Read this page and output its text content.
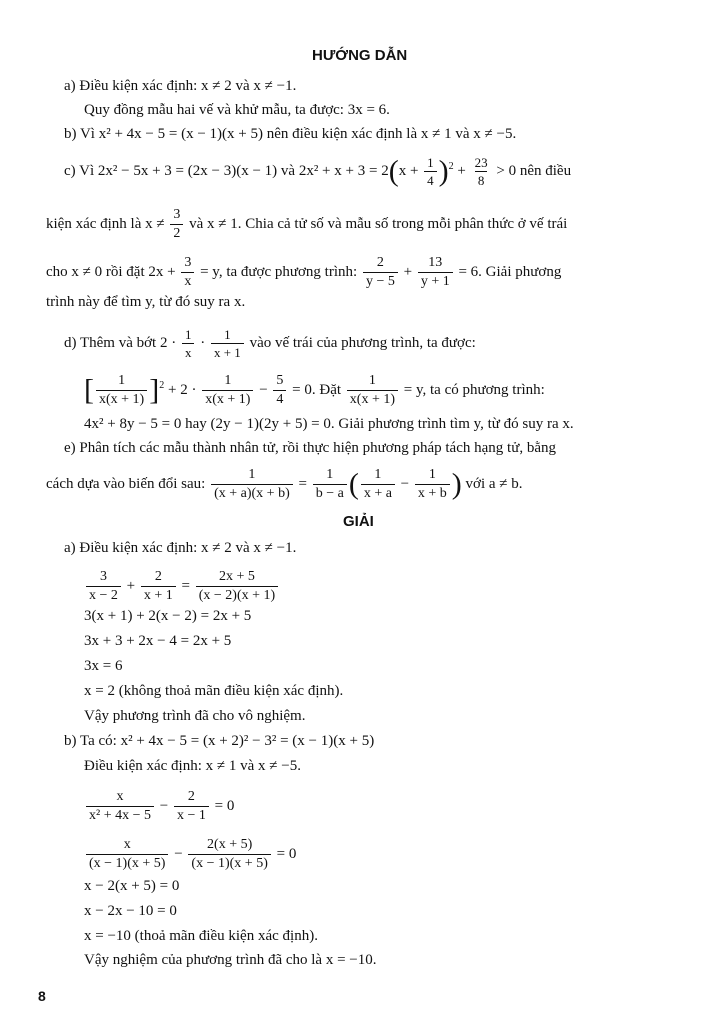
HƯỚNG DẪN
a) Điều kiện xác định: x ≠ 2 và x ≠ −1.
Quy đồng mẫu hai vế và khử mẫu, ta được: 3x = 6.
b) Vì x² + 4x − 5 = (x − 1)(x + 5) nên điều kiện xác định là x ≠ 1 và x ≠ −5.
c) Vì 2x² − 5x + 3 = (2x − 3)(x − 1) và $2x^2 + x + 3 = 2(x + \frac{1}{4} )^2 + \frac{23}{8} > 0$ nên điều
kiện xác định là $x \ne \frac{3}{2}$ và x ≠ 1. Chia cả tử số và mẫu số trong mỗi phân thức ở vế trái
cho x ≠ 0 rồi đặt $2x + \frac{3}{x} = y$, ta được phương trình: $\frac{2}{y - 5} + \frac{13}{y + 1} = 6$. Giải phương
trình này để tìm y, từ đó suy ra x.
d) Thêm và bớt $2 \cdot \frac{1}{x} \cdot \frac{1}{x + 1}$ vào vế trái của phương trình, ta được:
[ $\frac{1}{x(x + 1)} ]^2 + 2 \cdot \frac{1}{x(x + 1)} - \frac{5}{4} = 0$. Đặt $\frac{1}{x(x + 1)} = y$, ta có phương trình:
4x² + 8y − 5 = 0 hay (2y − 1)(2y + 5) = 0. Giải phương trình tìm y, từ đó suy ra x.
e) Phân tích các mẫu thành nhân tử, rồi thực hiện phương pháp tách hạng tử, bằng
cách dựa vào biến đổi sau: $\frac{1}{(x + a)(x + b)} = \frac{1}{b - a}$ ( $\frac{1}{x + a} - \frac{1}{x + b}$ ) với a ≠ b.
GIẢI
a) Điều kiện xác định: x ≠ 2 và x ≠ −1.
$\frac{3}{x - 2} + \frac{2}{x + 1} = \frac{2x + 5}{(x - 2)(x + 1)}$
3(x + 1) + 2(x − 2) = 2x + 5
3x + 3 + 2x − 4 = 2x + 5
3x = 6
x = 2 (không thoả mãn điều kiện xác định).
Vậy phương trình đã cho vô nghiệm.
b) Ta có: x² + 4x − 5 = (x + 2)² − 3² = (x − 1)(x + 5)
Điều kiện xác định: x ≠ 1 và x ≠ −5.
$\frac{x}{\text{x² + 4x − 5}} - \frac{2}{x - 1} = 0$
$\frac{x}{(x - 1)(x + 5)} - \frac{2(x + 5)}{(x - 1)(x + 5)} = 0$
x − 2(x + 5) = 0
x − 2x − 10 = 0
x = −10 (thoả mãn điều kiện xác định).
Vậy nghiệm của phương trình đã cho là x = −10.
8
